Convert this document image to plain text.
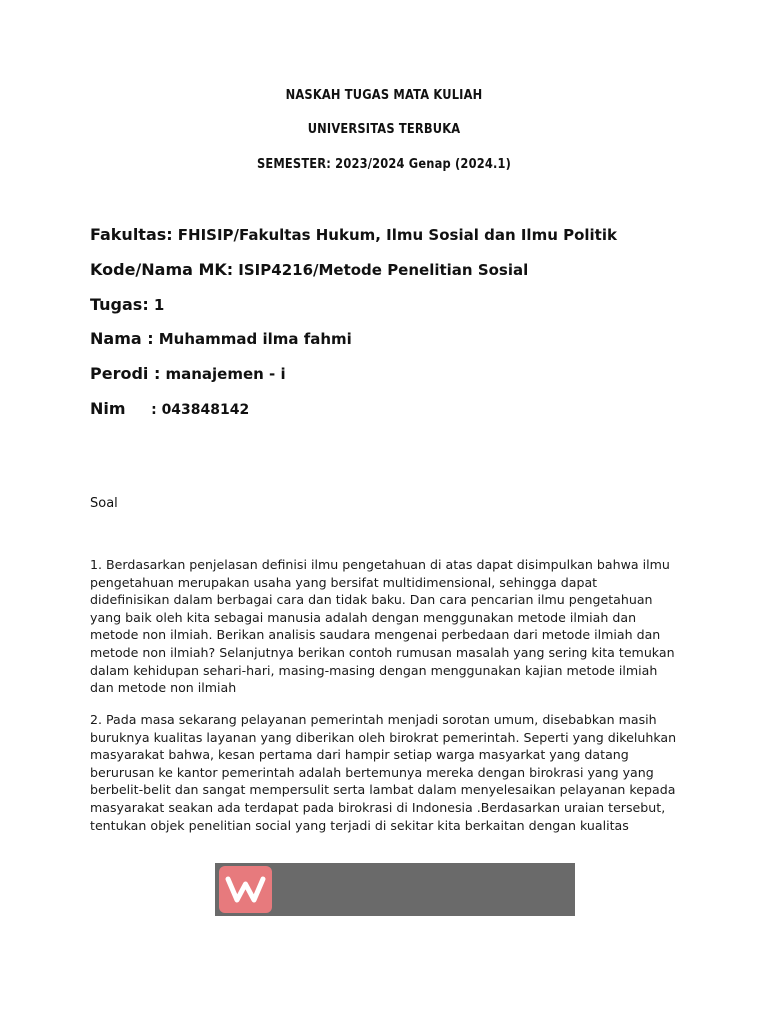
NASKAH TUGAS MATA KULIAH
UNIVERSITAS TERBUKA
SEMESTER: 2023/2024 Genap (2024.1)
Fakultas: FHISIP/Fakultas Hukum, Ilmu Sosial dan Ilmu Politik
Kode/Nama MK: ISIP4216/Metode Penelitian Sosial
Tugas: 1
Nama : Muhammad ilma fahmi
Perodi : manajemen - i
Nim : 043848142
Soal
1. Berdasarkan penjelasan definisi ilmu pengetahuan di atas dapat disimpulkan bahwa ilmu pengetahuan merupakan usaha yang bersifat multidimensional, sehingga dapat didefinisikan dalam berbagai cara dan tidak baku. Dan cara pencarian ilmu pengetahuan yang baik oleh kita sebagai manusia adalah dengan menggunakan metode ilmiah dan metode non ilmiah. Berikan analisis saudara mengenai perbedaan dari metode ilmiah dan metode non ilmiah? Selanjutnya berikan contoh rumusan masalah yang sering kita temukan dalam kehidupan sehari-hari, masing-masing dengan menggunakan kajian metode ilmiah dan metode non ilmiah
2. Pada masa sekarang pelayanan pemerintah menjadi sorotan umum, disebabkan masih buruknya kualitas layanan yang diberikan oleh birokrat pemerintah. Seperti yang dikeluhkan masyarakat bahwa, kesan pertama dari hampir setiap warga masyarkat yang datang berurusan ke kantor pemerintah adalah bertemunya mereka dengan birokrasi yang yang berbelit-belit dan sangat mempersulit serta lambat dalam menyelesaikan pelayanan kepada masyarakat seakan ada terdapat pada birokrasi di Indonesia .Berdasarkan uraian tersebut, tentukan objek penelitian social yang terjadi di sekitar kita berkaitan dengan kualitas
